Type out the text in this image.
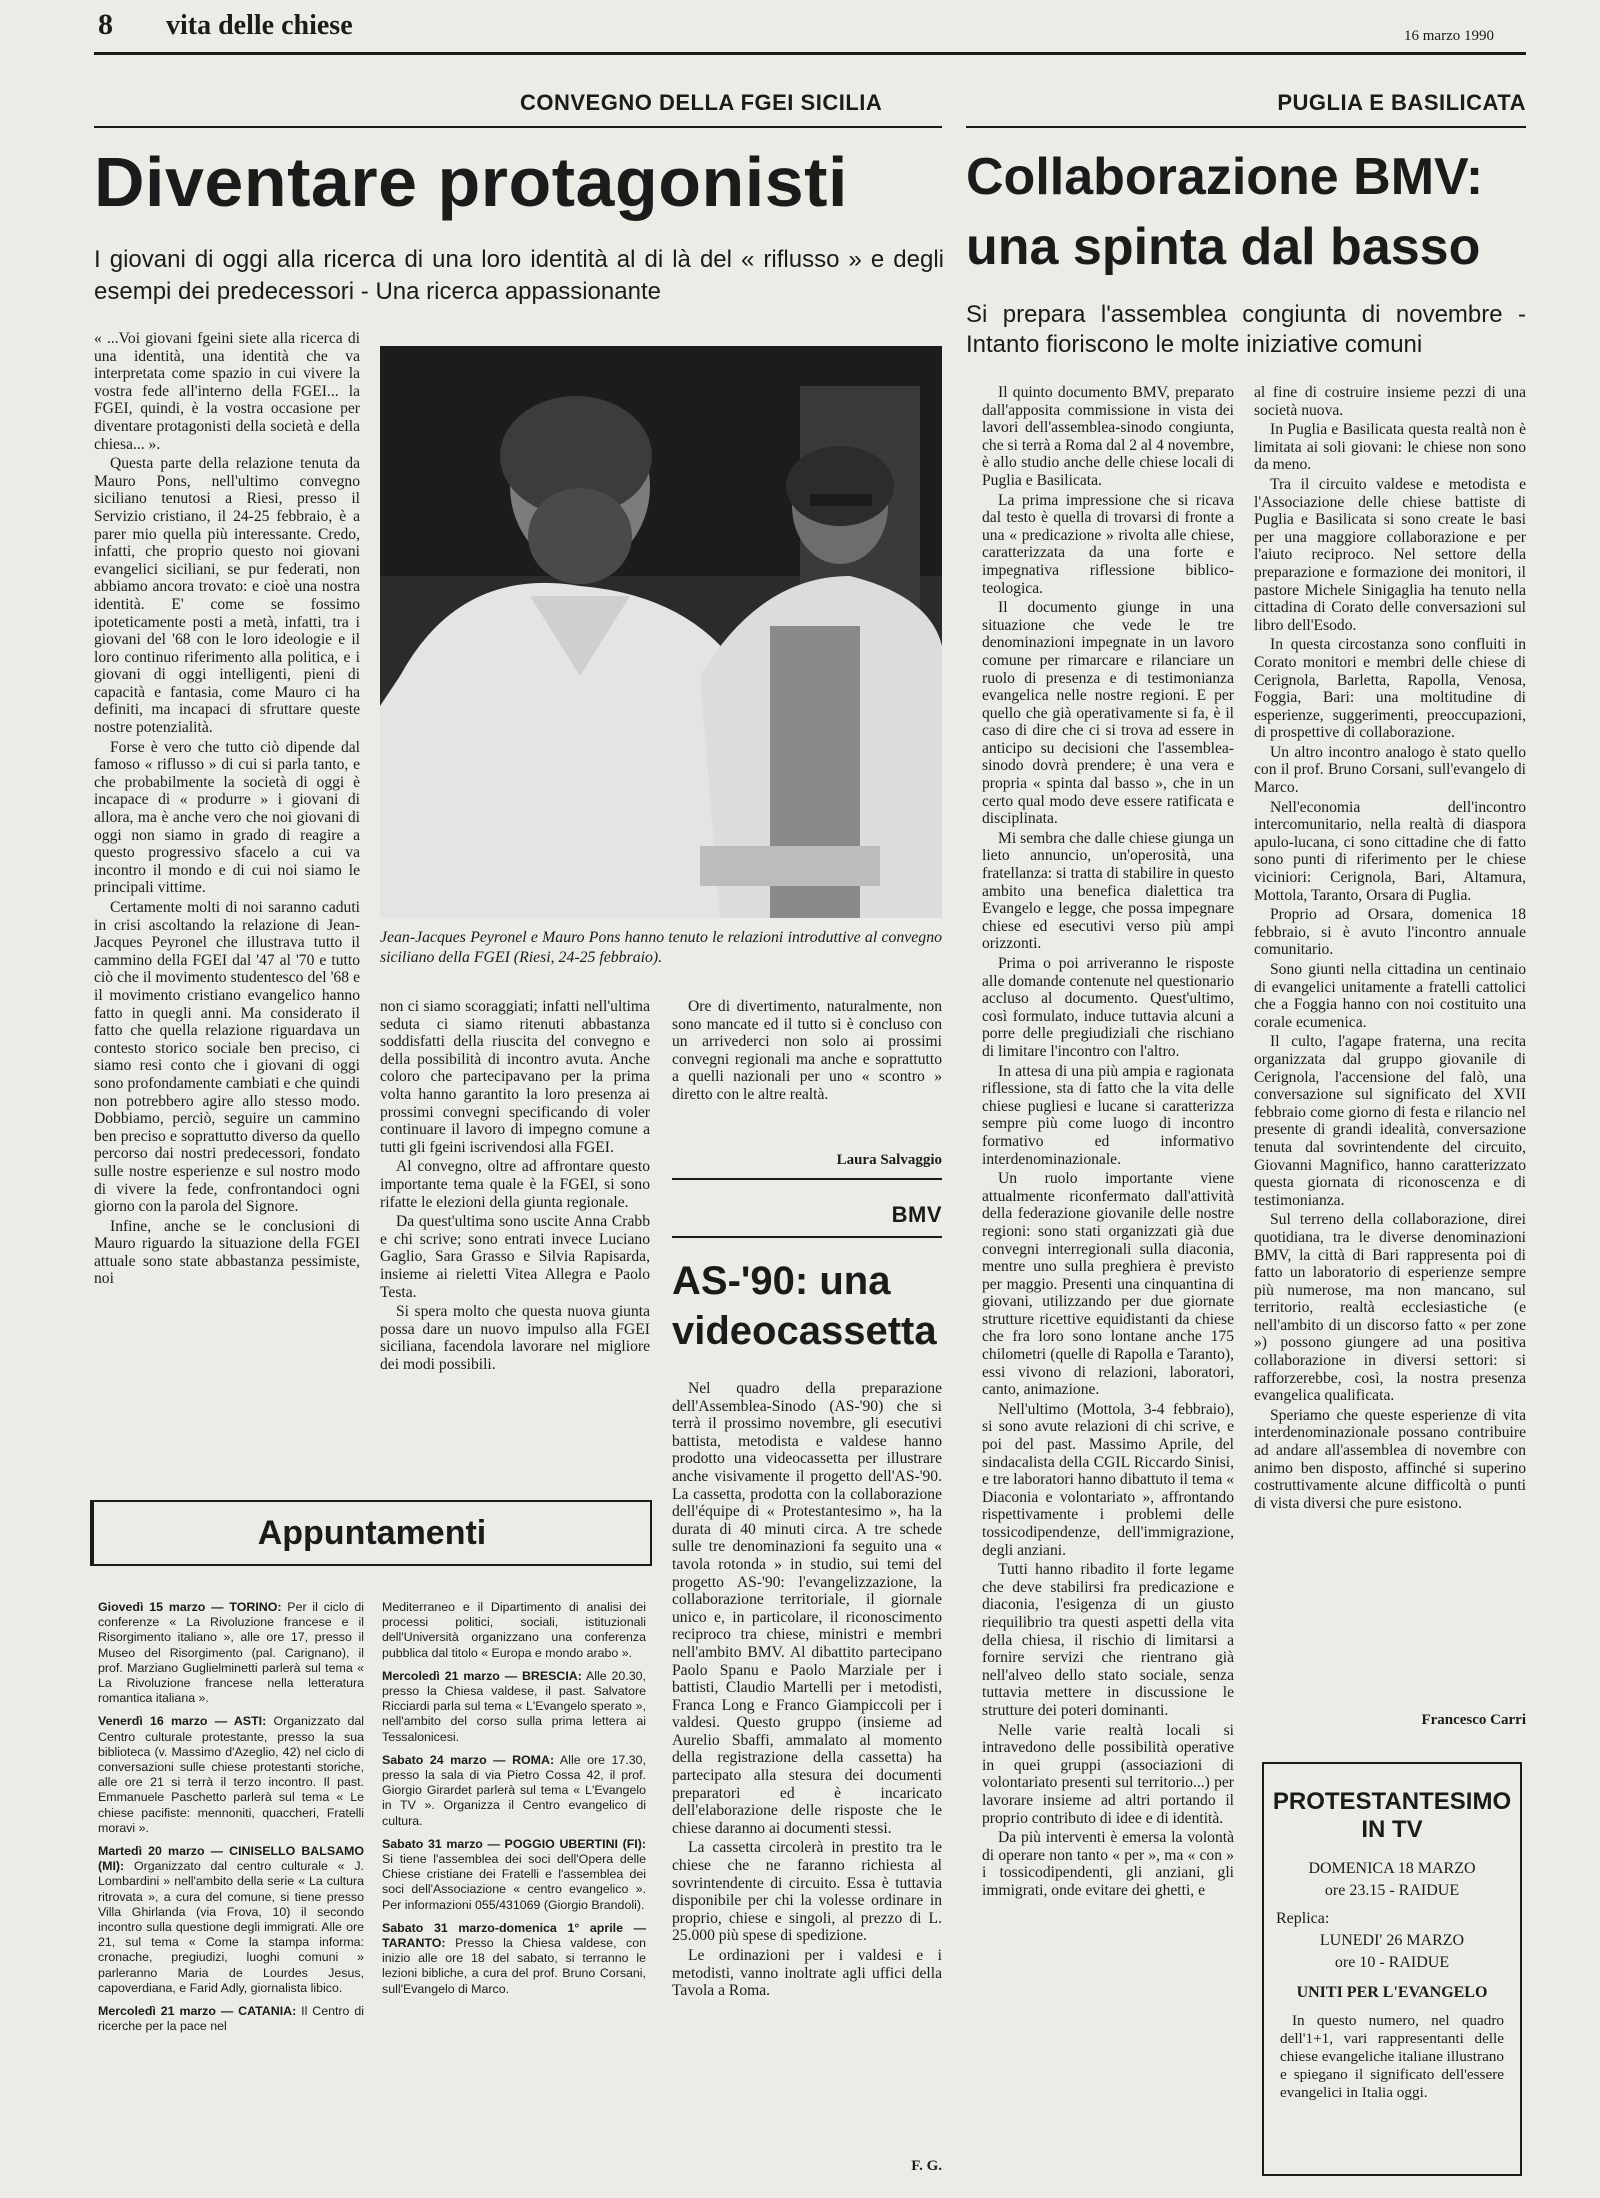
8 vita delle chiese	16 marzo 1990
CONVEGNO DELLA FGEI SICILIA
Diventare protagonisti
I giovani di oggi alla ricerca di una loro identità al di là del « riflusso » e degli esempi dei predecessori - Una ricerca appassionante

« ...Voi giovani fgeini siete alla ricerca di una identità, una identità che va interpretata come spazio in cui vivere la vostra fede all'interno della FGEI... la FGEI, quindi, è la vostra occasione per diventare protagonisti della società e della chiesa... ».

Questa parte della relazione tenuta da Mauro Pons, nell'ultimo convegno siciliano tenutosi a Riesi, presso il Servizio cristiano, il 24-25 febbraio, è a parer mio quella più interessante. Credo, infatti, che proprio questo noi giovani evangelici siciliani, se pur federati, non abbiamo ancora trovato: e cioè una nostra identità. E' come se fossimo ipoteticamente posti a metà, infatti, tra i giovani del '68 con le loro ideologie e il loro continuo riferimento alla politica, e i giovani di oggi intelligenti, pieni di capacità e fantasia, come Mauro ci ha definiti, ma incapaci di sfruttare queste nostre potenzialità.

Forse è vero che tutto ciò dipende dal famoso « riflusso » di cui si parla tanto, e che probabilmente la società di oggi è incapace di « produrre » i giovani di allora, ma è anche vero che noi giovani di oggi non siamo in grado di reagire a questo progressivo sfacelo a cui va incontro il mondo e di cui noi siamo le principali vittime.

Certamente molti di noi saranno caduti in crisi ascoltando la relazione di Jean-Jacques Peyronel che illustrava tutto il cammino della FGEI dal '47 al '70 e tutto ciò che il movimento studentesco del '68 e il movimento cristiano evangelico hanno fatto in quegli anni. Ma considerato il fatto che quella relazione riguardava un contesto storico sociale ben preciso, ci siamo resi conto che i giovani di oggi sono profondamente cambiati e che quindi non potrebbero agire allo stesso modo. Dobbiamo, perciò, seguire un cammino ben preciso e soprattutto diverso da quello percorso dai nostri predecessori, fondato sulle nostre esperienze e sul nostro modo di vivere la fede, confrontandoci ogni giorno con la parola del Signore.

Infine, anche se le conclusioni di Mauro riguardo la situazione della FGEI attuale sono state abbastanza pessimiste, noi

Jean-Jacques Peyronel e Mauro Pons hanno tenuto le relazioni introduttive al convegno siciliano della FGEI (Riesi, 24-25 febbraio).

non ci siamo scoraggiati; infatti nell'ultima seduta ci siamo ritenuti abbastanza soddisfatti della riuscita del convegno e della possibilità di incontro avuta. Anche coloro che partecipavano per la prima volta hanno garantito la loro presenza ai prossimi convegni specificando di voler continuare il lavoro di impegno comune a tutti gli fgeini iscrivendosi alla FGEI.

Al convegno, oltre ad affrontare questo importante tema quale è la FGEI, si sono rifatte le elezioni della giunta regionale.

Da quest'ultima sono uscite Anna Crabb e chi scrive; sono entrati invece Luciano Gaglio, Sara Grasso e Silvia Rapisarda, insieme ai rieletti Vitea Allegra e Paolo Testa.

Si spera molto che questa nuova giunta possa dare un nuovo impulso alla FGEI siciliana, facendola lavorare nel migliore dei modi possibili.

Ore di divertimento, naturalmente, non sono mancate ed il tutto si è concluso con un arrivederci non solo ai prossimi convegni regionali ma anche e soprattutto a quelli nazionali per uno « scontro » diretto con le altre realtà.

Laura Salvaggio
BMV
AS-'90: una
videocassetta

Nel quadro della preparazione dell'Assemblea-Sinodo (AS-'90) che si terrà il prossimo novembre, gli esecutivi battista, metodista e valdese hanno prodotto una videocassetta per illustrare anche visivamente il progetto dell'AS-'90. La cassetta, prodotta con la collaborazione dell'équipe di « Protestantesimo », ha la durata di 40 minuti circa. A tre schede sulle tre denominazioni fa seguito una « tavola rotonda » in studio, sui temi del progetto AS-'90: l'evangelizzazione, la collaborazione territoriale, il giornale unico e, in particolare, il riconoscimento reciproco tra chiese, ministri e membri nell'ambito BMV. Al dibattito partecipano Paolo Spanu e Paolo Marziale per i battisti, Claudio Martelli per i metodisti, Franca Long e Franco Giampiccoli per i valdesi. Questo gruppo (insieme ad Aurelio Sbaffi, ammalato al momento della registrazione della cassetta) ha partecipato alla stesura dei documenti preparatori ed è incaricato dell'elaborazione delle risposte che le chiese daranno ai documenti stessi.

La cassetta circolerà in prestito tra le chiese che ne faranno richiesta al sovrintendente di circuito. Essa è tuttavia disponibile per chi la volesse ordinare in proprio, chiese e singoli, al prezzo di L. 25.000 più spese di spedizione.

Le ordinazioni per i valdesi e i metodisti, vanno inoltrate agli uffici della Tavola a Roma.

F. G.
Appuntamenti

Giovedì 15 marzo — TORINO: Per il ciclo di conferenze « La Rivoluzione francese e il Risorgimento italiano », alle ore 17, presso il Museo del Risorgimento (pal. Carignano), il prof. Marziano Guglielminetti parlerà sul tema « La Rivoluzione francese nella letteratura romantica italiana ».

Venerdì 16 marzo — ASTI: Organizzato dal Centro culturale protestante, presso la sua biblioteca (v. Massimo d'Azeglio, 42) nel ciclo di conversazioni sulle chiese protestanti storiche, alle ore 21 si terrà il terzo incontro. Il past. Emmanuele Paschetto parlerà sul tema « Le chiese pacifiste: mennoniti, quaccheri, Fratelli moravi ».

Martedì 20 marzo — CINISELLO BALSAMO (MI): Organizzato dal centro culturale « J. Lombardini » nell'ambito della serie « La cultura ritrovata », a cura del comune, si tiene presso Villa Ghirlanda (via Frova, 10) il secondo incontro sulla questione degli immigrati. Alle ore 21, sul tema « Come la stampa informa: cronache, pregiudizi, luoghi comuni » parleranno Maria de Lourdes Jesus, capoverdiana, e Farid Adly, giornalista libico.

Mercoledì 21 marzo — CATANIA: Il Centro di ricerche per la pace nel

Mediterraneo e il Dipartimento di analisi dei processi politici, sociali, istituzionali dell'Università organizzano una conferenza pubblica dal titolo « Europa e mondo arabo ».

Mercoledì 21 marzo — BRESCIA: Alle 20.30, presso la Chiesa valdese, il past. Salvatore Ricciardi parla sul tema « L'Evangelo sperato », nell'ambito del corso sulla prima lettera ai Tessalonicesi.

Sabato 24 marzo — ROMA: Alle ore 17.30, presso la sala di via Pietro Cossa 42, il prof. Giorgio Girardet parlerà sul tema « L'Evangelo in TV ». Organizza il Centro evangelico di cultura.

Sabato 31 marzo — POGGIO UBERTINI (FI): Si tiene l'assemblea dei soci dell'Opera delle Chiese cristiane dei Fratelli e l'assemblea dei soci dell'Associazione « centro evangelico ». Per informazioni 055/431069 (Giorgio Brandoli).

Sabato 31 marzo-domenica 1° aprile — TARANTO: Presso la Chiesa valdese, con inizio alle ore 18 del sabato, si terranno le lezioni bibliche, a cura del prof. Bruno Corsani, sull'Evangelo di Marco.

PUGLIA E BASILICATA
Collaborazione BMV:
una spinta dal basso
Si prepara l'assemblea congiunta di novembre - Intanto fioriscono le molte iniziative comuni

Il quinto documento BMV, preparato dall'apposita commissione in vista dei lavori dell'assemblea-sinodo congiunta, che si terrà a Roma dal 2 al 4 novembre, è allo studio anche delle chiese locali di Puglia e Basilicata.

La prima impressione che si ricava dal testo è quella di trovarsi di fronte a una « predicazione » rivolta alle chiese, caratterizzata da una forte e impegnativa riflessione biblico-teologica.

Il documento giunge in una situazione che vede le tre denominazioni impegnate in un lavoro comune per rimarcare e rilanciare un ruolo di presenza e di testimonianza evangelica nelle nostre regioni. E per quello che già operativamente si fa, è il caso di dire che ci si trova ad essere in anticipo su decisioni che l'assemblea-sinodo dovrà prendere; è una vera e propria « spinta dal basso », che in un certo qual modo deve essere ratificata e disciplinata.

Mi sembra che dalle chiese giunga un lieto annuncio, un'operosità, una fratellanza: si tratta di stabilire in questo ambito una benefica dialettica tra Evangelo e legge, che possa impegnare chiese ed esecutivi verso più ampi orizzonti.

Prima o poi arriveranno le risposte alle domande contenute nel questionario accluso al documento. Quest'ultimo, così formulato, induce tuttavia alcuni a porre delle pregiudiziali che rischiano di limitare l'incontro con l'altro.

In attesa di una più ampia e ragionata riflessione, sta di fatto che la vita delle chiese pugliesi e lucane si caratterizza sempre più come luogo di incontro formativo ed informativo interdenominazionale.

Un ruolo importante viene attualmente riconfermato dall'attività della federazione giovanile delle nostre regioni: sono stati organizzati già due convegni interregionali sulla diaconia, mentre uno sulla preghiera è previsto per maggio. Presenti una cinquantina di giovani, utilizzando per due giornate strutture ricettive equidistanti da chiese che fra loro sono lontane anche 175 chilometri (quelle di Rapolla e Taranto), essi vivono di relazioni, laboratori, canto, animazione.

Nell'ultimo (Mottola, 3-4 febbraio), si sono avute relazioni di chi scrive, e poi del past. Massimo Aprile, del sindacalista della CGIL Riccardo Sinisi, e tre laboratori hanno dibattuto il tema « Diaconia e volontariato », affrontando rispettivamente i problemi delle tossicodipendenze, dell'immigrazione, degli anziani.

Tutti hanno ribadito il forte legame che deve stabilirsi fra predicazione e diaconia, l'esigenza di un giusto riequilibrio tra questi aspetti della vita della chiesa, il rischio di limitarsi a fornire servizi che rientrano già nell'alveo dello stato sociale, senza tuttavia mettere in discussione le strutture dei poteri dominanti.

Nelle varie realtà locali si intravedono delle possibilità operative in quei gruppi (associazioni di volontariato presenti sul territorio...) per lavorare insieme ad altri portando il proprio contributo di idee e di identità.

Da più interventi è emersa la volontà di operare non tanto « per », ma « con » i tossicodipendenti, gli anziani, gli immigrati, onde evitare dei ghetti, e

al fine di costruire insieme pezzi di una società nuova.

In Puglia e Basilicata questa realtà non è limitata ai soli giovani: le chiese non sono da meno.

Tra il circuito valdese e metodista e l'Associazione delle chiese battiste di Puglia e Basilicata si sono create le basi per una maggiore collaborazione e per l'aiuto reciproco. Nel settore della preparazione e formazione dei monitori, il pastore Michele Sinigaglia ha tenuto nella cittadina di Corato delle conversazioni sul libro dell'Esodo.

In questa circostanza sono confluiti in Corato monitori e membri delle chiese di Cerignola, Barletta, Rapolla, Venosa, Foggia, Bari: una moltitudine di esperienze, suggerimenti, preoccupazioni, di prospettive di collaborazione.

Un altro incontro analogo è stato quello con il prof. Bruno Corsani, sull'evangelo di Marco.

Nell'economia dell'incontro intercomunitario, nella realtà di diaspora apulo-lucana, ci sono cittadine che di fatto sono punti di riferimento per le chiese viciniori: Cerignola, Bari, Altamura, Mottola, Taranto, Orsara di Puglia.

Proprio ad Orsara, domenica 18 febbraio, si è avuto l'incontro annuale comunitario.

Sono giunti nella cittadina un centinaio di evangelici unitamente a fratelli cattolici che a Foggia hanno con noi costituito una corale ecumenica.

Il culto, l'agape fraterna, una recita organizzata dal gruppo giovanile di Cerignola, l'accensione del falò, una conversazione sul significato del XVII febbraio come giorno di festa e rilancio nel presente di grandi idealità, conversazione tenuta dal sovrintendente del circuito, Giovanni Magnifico, hanno caratterizzato questa giornata di riconoscenza e di testimonianza.

Sul terreno della collaborazione, direi quotidiana, tra le diverse denominazioni BMV, la città di Bari rappresenta poi di fatto un laboratorio di esperienze sempre più numerose, ma non mancano, sul territorio, realtà ecclesiastiche (e nell'ambito di un discorso fatto « per zone ») possono giungere ad una positiva collaborazione in diversi settori: si rafforzerebbe, così, la nostra presenza evangelica qualificata.

Speriamo che queste esperienze di vita interdenominazionale possano contribuire ad andare all'assemblea di novembre con animo ben disposto, affinché si superino costruttivamente alcune difficoltà o punti di vista diversi che pure esistono.

Francesco Carri
PROTESTANTESIMO
IN TV
DOMENICA 18 MARZO
ore 23.15 - RAIDUE
Replica:
LUNEDI' 26 MARZO
ore 10 - RAIDUE
UNITI PER L'EVANGELO
In questo numero, nel quadro dell'1+1, vari rappresentanti delle chiese evangeliche italiane illustrano e spiegano il significato dell'essere evangelici in Italia oggi.
